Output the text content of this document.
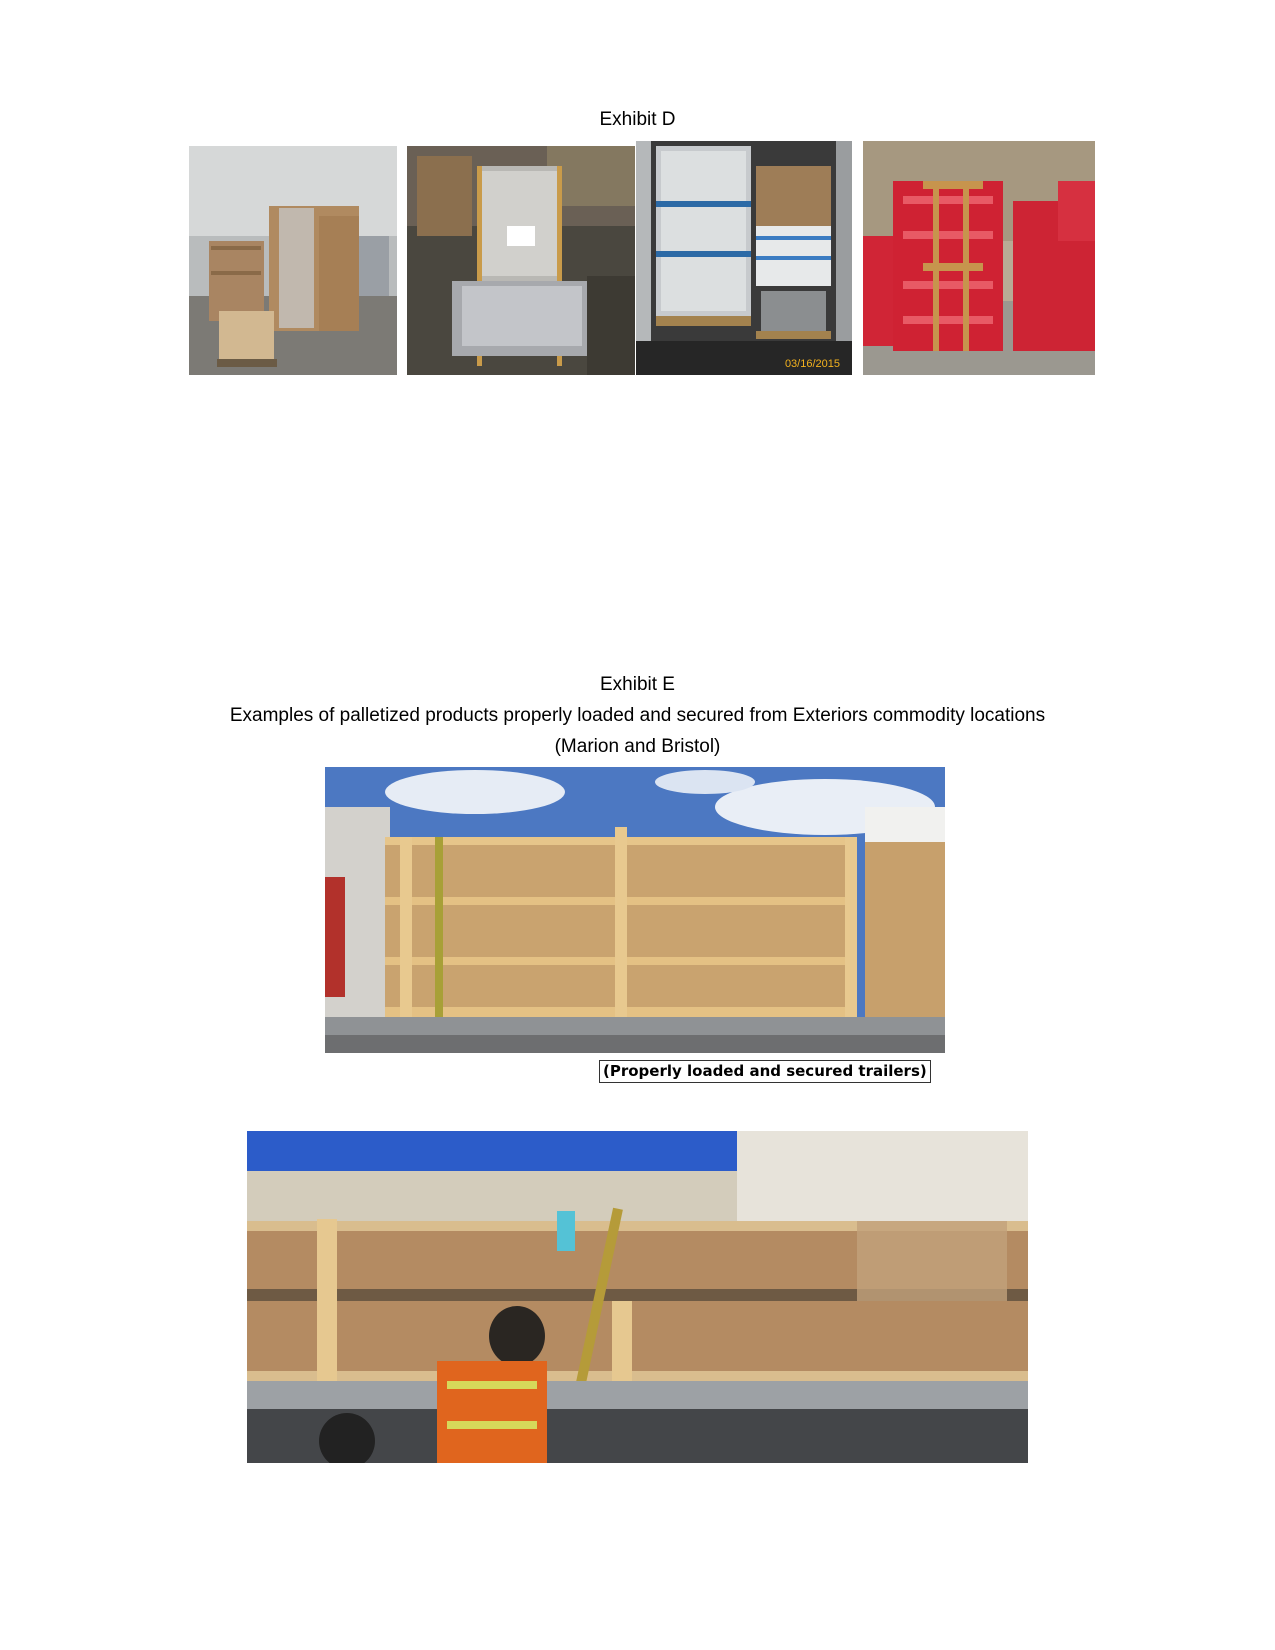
Exhibit D
03/16/2015
Exhibit E

Examples of palletized products properly loaded and secured from Exteriors commodity locations

(Marion and Bristol)

(Properly loaded and secured trailers)
